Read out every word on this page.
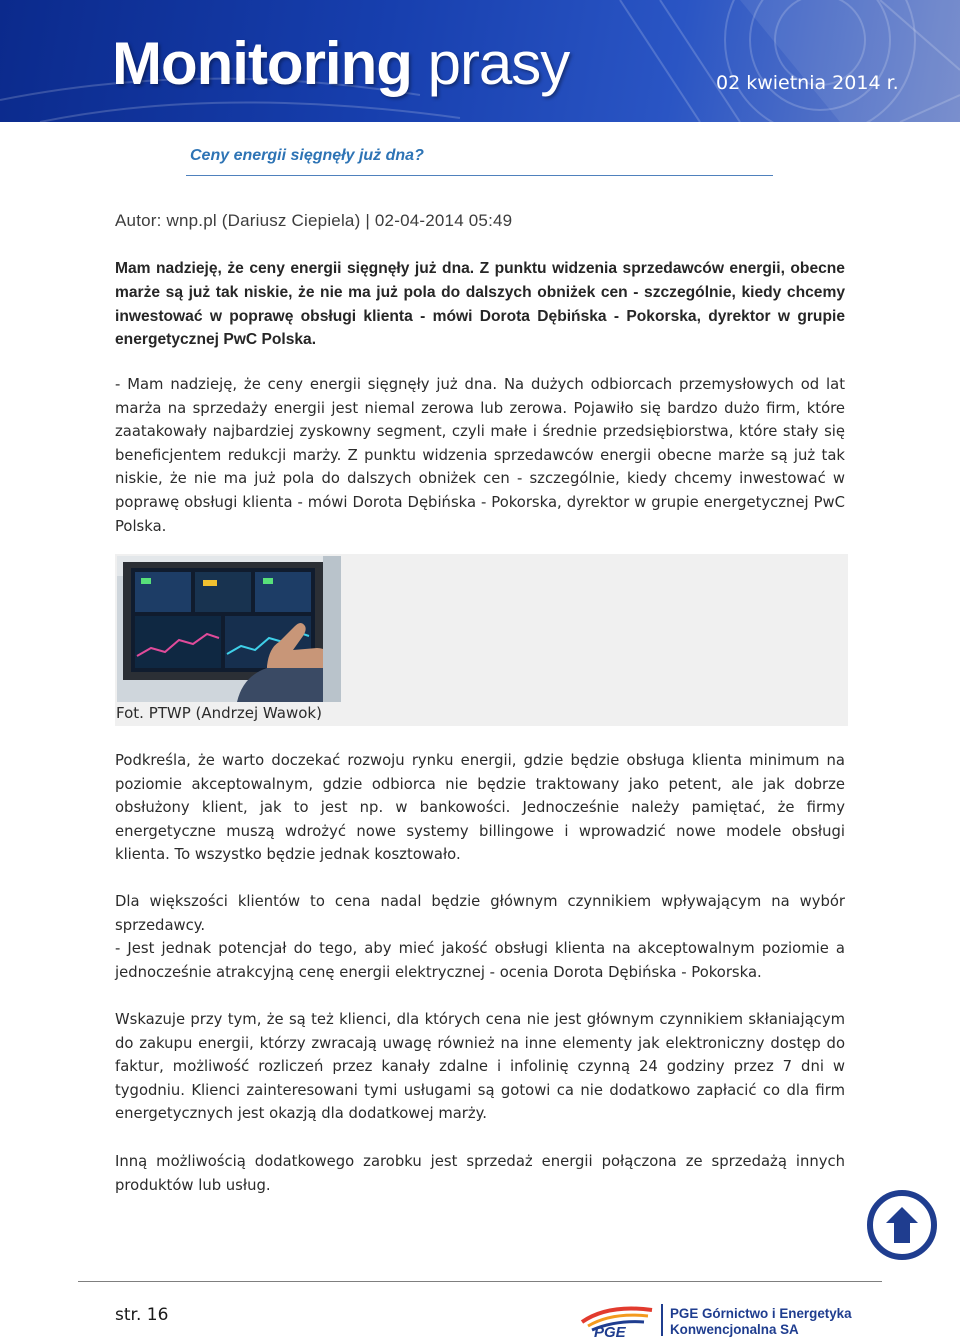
Monitoring prasy	02 kwietnia 2014 r.
Ceny energii sięgnęły już dna?
Autor: wnp.pl (Dariusz Ciepiela) | 02-04-2014 05:49

Mam nadzieję, że ceny energii sięgnęły już dna. Z punktu widzenia sprzedawców energii, obecne marże są już tak niskie, że nie ma już pola do dalszych obniżek cen - szczególnie, kiedy chcemy inwestować w poprawę obsługi klienta - mówi Dorota Dębińska - Pokorska, dyrektor w grupie energetycznej PwC Polska.

- Mam nadzieję, że ceny energii sięgnęły już dna. Na dużych odbiorcach przemysłowych od lat marża na sprzedaży energii jest niemal zerowa lub zerowa. Pojawiło się bardzo dużo firm, które zaatakowały najbardziej zyskowny segment, czyli małe i średnie przedsiębiorstwa, które stały się beneficjentem redukcji marży. Z punktu widzenia sprzedawców energii obecne marże są już tak niskie, że nie ma już pola do dalszych obniżek cen - szczególnie, kiedy chcemy inwestować w poprawę obsługi klienta - mówi Dorota Dębińska - Pokorska, dyrektor w grupie energetycznej PwC Polska.

Fot. PTWP (Andrzej Wawok)

Podkreśla, że warto doczekać rozwoju rynku energii, gdzie będzie obsługa klienta minimum na poziomie akceptowalnym, gdzie odbiorca nie będzie traktowany jako petent, ale jak dobrze obsłużony klient, jak to jest np. w bankowości. Jednocześnie należy pamiętać, że firmy energetyczne muszą wdrożyć nowe systemy billingowe i wprowadzić nowe modele obsługi klienta. To wszystko będzie jednak kosztowało.

Dla większości klientów to cena nadal będzie głównym czynnikiem wpływającym na wybór sprzedawcy.

- Jest jednak potencjał do tego, aby mieć jakość obsługi klienta na akceptowalnym poziomie a jednocześnie atrakcyjną cenę energii elektrycznej - ocenia Dorota Dębińska - Pokorska.

Wskazuje przy tym, że są też klienci, dla których cena nie jest głównym czynnikiem skłaniającym do zakupu energii, którzy zwracają uwagę również na inne elementy jak elektroniczny dostęp do faktur, możliwość rozliczeń przez kanały zdalne i infolinię czynną 24 godziny przez 7 dni w tygodniu. Klienci zainteresowani tymi usługami są gotowi ca nie dodatkowo zapłacić co dla firm energetycznych jest okazją dla dodatkowej marży.

Inną możliwością dodatkowego zarobku jest sprzedaż energii połączona ze sprzedażą innych produktów lub usług.

str. 16
PGE
PGE Górnictwo i Energetyka
Konwencjonalna SA
